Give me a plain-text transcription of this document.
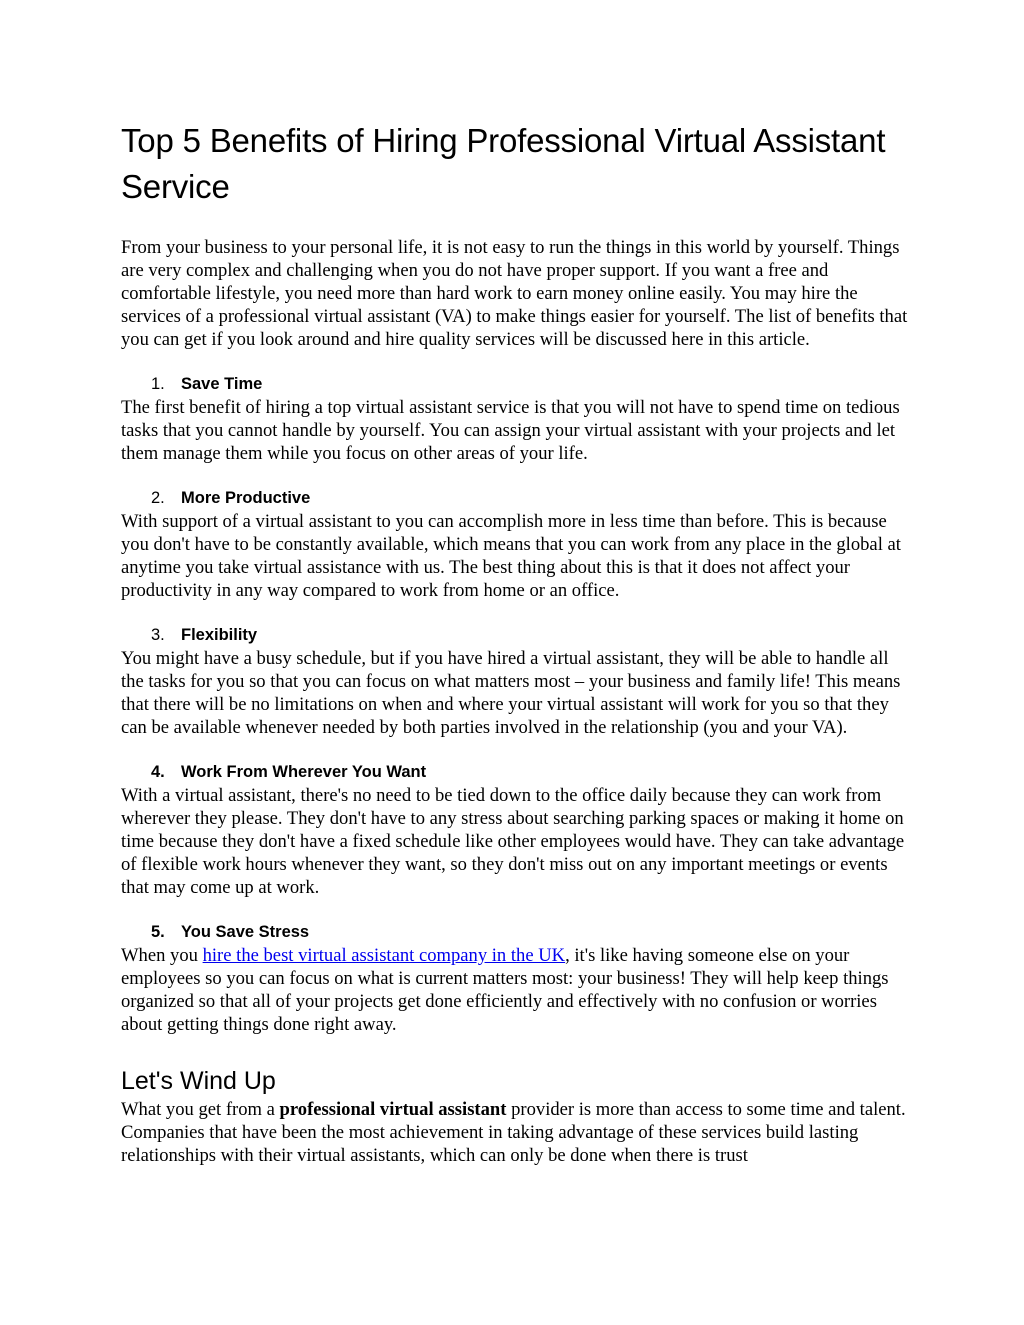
Top 5 Benefits of Hiring Professional Virtual Assistant Service

From your business to your personal life, it is not easy to run the things in this world by yourself. Things are very complex and challenging when you do not have proper support. If you want a free and comfortable lifestyle, you need more than hard work to earn money online easily. You may hire the services of a professional virtual assistant (VA) to make things easier for yourself. The list of benefits that you can get if you look around and hire quality services will be discussed here in this article.

1. Save Time

The first benefit of hiring a top virtual assistant service is that you will not have to spend time on tedious tasks that you cannot handle by yourself. You can assign your virtual assistant with your projects and let them manage them while you focus on other areas of your life.

2. More Productive

With support of a virtual assistant to you can accomplish more in less time than before. This is because you don't have to be constantly available, which means that you can work from any place in the global at anytime you take virtual assistance with us. The best thing about this is that it does not affect your productivity in any way compared to work from home or an office.

3. Flexibility

You might have a busy schedule, but if you have hired a virtual assistant, they will be able to handle all the tasks for you so that you can focus on what matters most – your business and family life! This means that there will be no limitations on when and where your virtual assistant will work for you so that they can be available whenever needed by both parties involved in the relationship (you and your VA).

4. Work From Wherever You Want

With a virtual assistant, there's no need to be tied down to the office daily because they can work from wherever they please. They don't have to any stress about searching parking spaces or making it home on time because they don't have a fixed schedule like other employees would have. They can take advantage of flexible work hours whenever they want, so they don't miss out on any important meetings or events that may come up at work.

5. You Save Stress

When you hire the best virtual assistant company in the UK, it's like having someone else on your employees so you can focus on what is current matters most: your business! They will help keep things organized so that all of your projects get done efficiently and effectively with no confusion or worries about getting things done right away.

Let's Wind Up

What you get from a professional virtual assistant provider is more than access to some time and talent. Companies that have been the most achievement in taking advantage of these services build lasting relationships with their virtual assistants, which can only be done when there is trust
